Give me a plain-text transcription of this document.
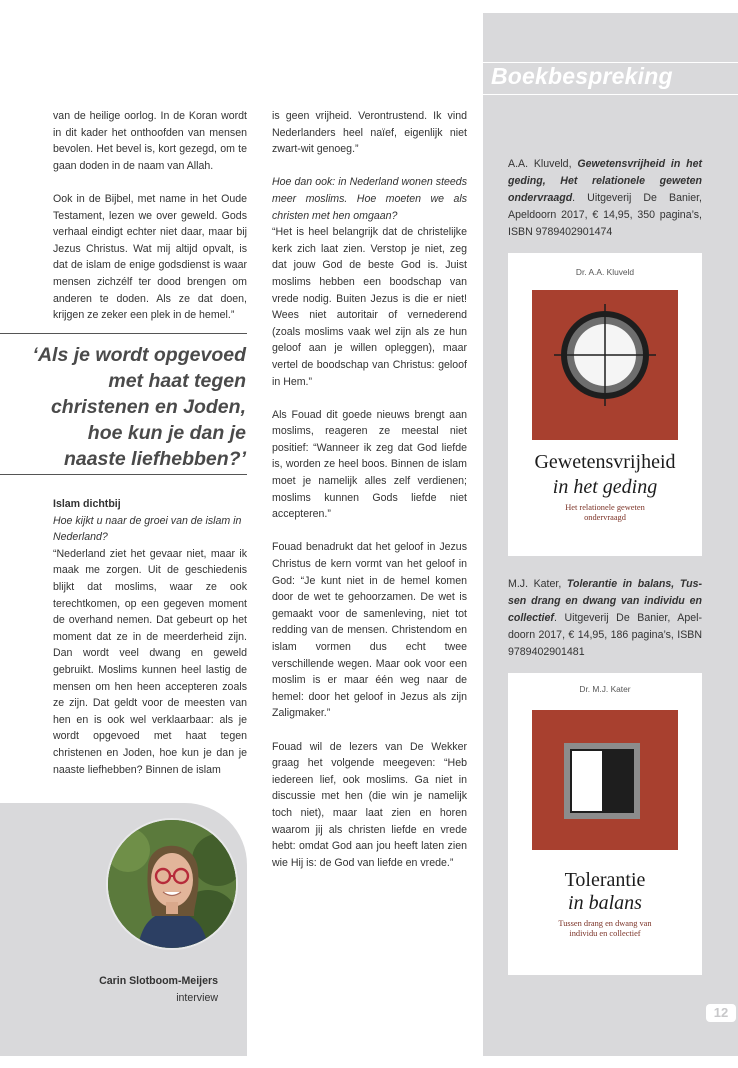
Boekbespreking

van de heilige oorlog. In de Koran wordt in dit kader het onthoofden van mensen bevolen. Het bevel is, kort gezegd, om te gaan doden in de naam van Allah.

Ook in de Bijbel, met name in het Oude Testament, lezen we over geweld. Gods verhaal eindigt echter niet daar, maar bij Jezus Christus. Wat mij altijd opvalt, is dat de islam de enige godsdienst is waar mensen zichzélf ter dood brengen om anderen te doden. Als ze dat doen, krijgen ze zeker een plek in de hemel.”

‘Als je wordt opgevoed
met haat tegen
christenen en Joden,
hoe kun je dan je
naaste liefhebben?’
Islam dichtbij
Hoe kijkt u naar de groei van de islam in Nederland?

“Nederland ziet het gevaar niet, maar ik maak me zorgen. Uit de geschiedenis blijkt dat moslims, waar ze ook terechtkomen, op een gegeven moment de overhand nemen. Dat gebeurt op het moment dat ze in de meerderheid zijn. Dan wordt veel dwang en geweld gebruikt. Moslims kunnen heel lastig de mensen om hen heen accepteren zoals ze zijn. Dat geldt voor de meesten van hen en is ook wel verklaarbaar: als je wordt opgevoed met haat tegen christenen en Joden, hoe kun je dan je naaste liefhebben? Binnen de islam

is geen vrijheid. Verontrustend. Ik vind Nederlanders heel naïef, eigenlijk niet zwart-wit genoeg.”

Hoe dan ook: in Nederland wonen steeds meer moslims. Hoe moeten we als christen met hen omgaan?

“Het is heel belangrijk dat de christelijke kerk zich laat zien. Verstop je niet, zeg dat jouw God de beste God is. Juist moslims hebben een boodschap van vrede nodig. Buiten Jezus is die er niet! Wees niet autoritair of vernederend (zoals moslims vaak wel zijn als ze hun geloof aan je willen opleggen), maar vertel de boodschap van Christus: geloof in Hem.”

Als Fouad dit goede nieuws brengt aan moslims, reageren ze meestal niet positief: “Wanneer ik zeg dat God liefde is, worden ze heel boos. Binnen de islam moet je namelijk alles zelf verdienen; moslims kunnen Gods liefde niet accepteren.”

Fouad benadrukt dat het geloof in Jezus Christus de kern vormt van het geloof in God: “Je kunt niet in de hemel komen door de wet te gehoorzamen. De wet is gemaakt voor de samenleving, niet tot redding van de mensen. Christendom en islam vormen dus echt twee verschillende wegen. Maar ook voor een moslim is er maar één weg naar de hemel: door het geloof in Jezus als zijn Zaligmaker.”

Fouad wil de lezers van De Wekker graag het volgende meegeven: “Heb iedereen lief, ook moslims. Ga niet in discussie met hen (die win je namelijk toch niet), maar laat zien en horen waarom jij als christen liefde en vrede hebt: omdat God aan jou heeft laten zien wie Hij is: de God van liefde en vrede.”

Carin Slotboom-Meijers
interview
A.A. Kluveld, Gewetensvrijheid in het geding, Het relationele geweten ondervraagd. Uitgeverij De Banier, Apeldoorn 2017, € 14,95, 350 pagina’s, ISBN 9789402901474
Dr. A.A. Kluveld
Gewetensvrijheid
in het geding
Het relationele geweten
ondervraagd
M.J. Kater, Tolerantie in balans, Tussen drang en dwang van individu en collectief. Uitgeverij De Banier, Apeldoorn 2017, € 14,95, 186 pagina’s, ISBN 9789402901481
Dr. M.J. Kater
Tolerantie
in balans
Tussen drang en dwang van
individu en collectief
12
